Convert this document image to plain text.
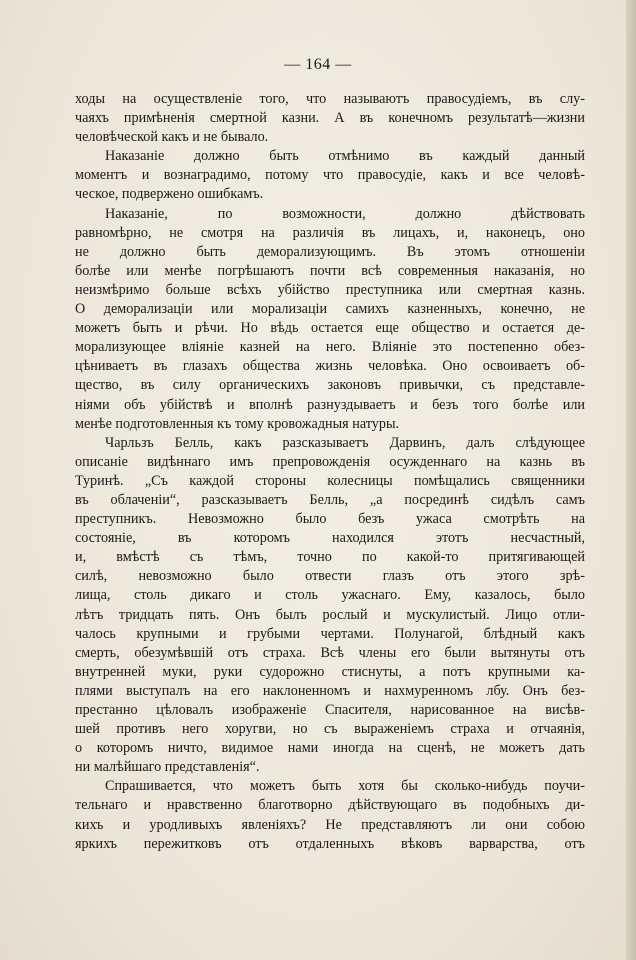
— 164 —

ходы на осуществленіе того, что называютъ правосудіемъ, въ слу-
чаяхъ примѣненія смертной казни. А въ конечномъ результатѣ—жизни
человѣческой какъ и не бывало.

Наказаніе должно быть отмѣнимо въ каждый данный
моментъ и вознаградимо, потому что правосудіе, какъ и все человѣ-
ческое, подвержено ошибкамъ.

Наказаніе, по возможности, должно дѣйствовать
равномѣрно, не смотря на различія въ лицахъ, и, наконецъ, оно
не должно быть деморализующимъ. Въ этомъ отношеніи
болѣе или менѣе погрѣшаютъ почти всѣ современныя наказанія, но
неизмѣримо больше всѣхъ убійство преступника или смертная казнь.
О деморализаціи или морализаціи самихъ казненныхъ, конечно, не
можетъ быть и рѣчи. Но вѣдь остается еще общество и остается де-
морализующее вліяніе казней на него. Вліяніе это постепенно обез-
цѣниваетъ въ глазахъ общества жизнь человѣка. Оно освоиваетъ об-
щество, въ силу органическихъ законовъ привычки, съ представле-
ніями объ убійствѣ и вполнѣ разнуздываетъ и безъ того болѣе или
менѣе подготовленныя къ тому кровожадныя натуры.

Чарльзъ Белль, какъ разсказываетъ Дарвинъ, далъ слѣдующее
описаніе видѣннаго имъ препровожденія осужденнаго на казнь въ
Туринѣ. „Съ каждой стороны колесницы помѣщались священники
въ облаченіи“, разсказываетъ Белль, „а посрединѣ сидѣлъ самъ
преступникъ. Невозможно было безъ ужаса смотрѣть на
состояніе, въ которомъ находился этотъ несчастный,
и, вмѣстѣ съ тѣмъ, точно по какой-то притягивающей
силѣ, невозможно было отвести глазъ отъ этого зрѣ-
лища, столь дикаго и столь ужаснаго. Ему, казалось, было
лѣтъ тридцать пять. Онъ былъ рослый и мускулистый. Лицо отли-
чалось крупными и грубыми чертами. Полунагой, блѣдный какъ
смерть, обезумѣвшій отъ страха. Всѣ члены его были вытянуты отъ
внутренней муки, руки судорожно стиснуты, а потъ крупными ка-
плями выступалъ на его наклоненномъ и нахмуренномъ лбу. Онъ без-
престанно цѣловалъ изображеніе Спасителя, нарисованное на висѣв-
шей противъ него хоругви, но съ выраженіемъ страха и отчаянія,
о которомъ ничто, видимое нами иногда на сценѣ, не можетъ дать
ни малѣйшаго представленія“.

Спрашивается, что можетъ быть хотя бы сколько-нибудь поучи-
тельнаго и нравственно благотворно дѣйствующаго въ подобныхъ ди-
кихъ и уродливыхъ явленіяхъ? Не представляютъ ли они собою
яркихъ пережитковъ отъ отдаленныхъ вѣковъ варварства, отъ
